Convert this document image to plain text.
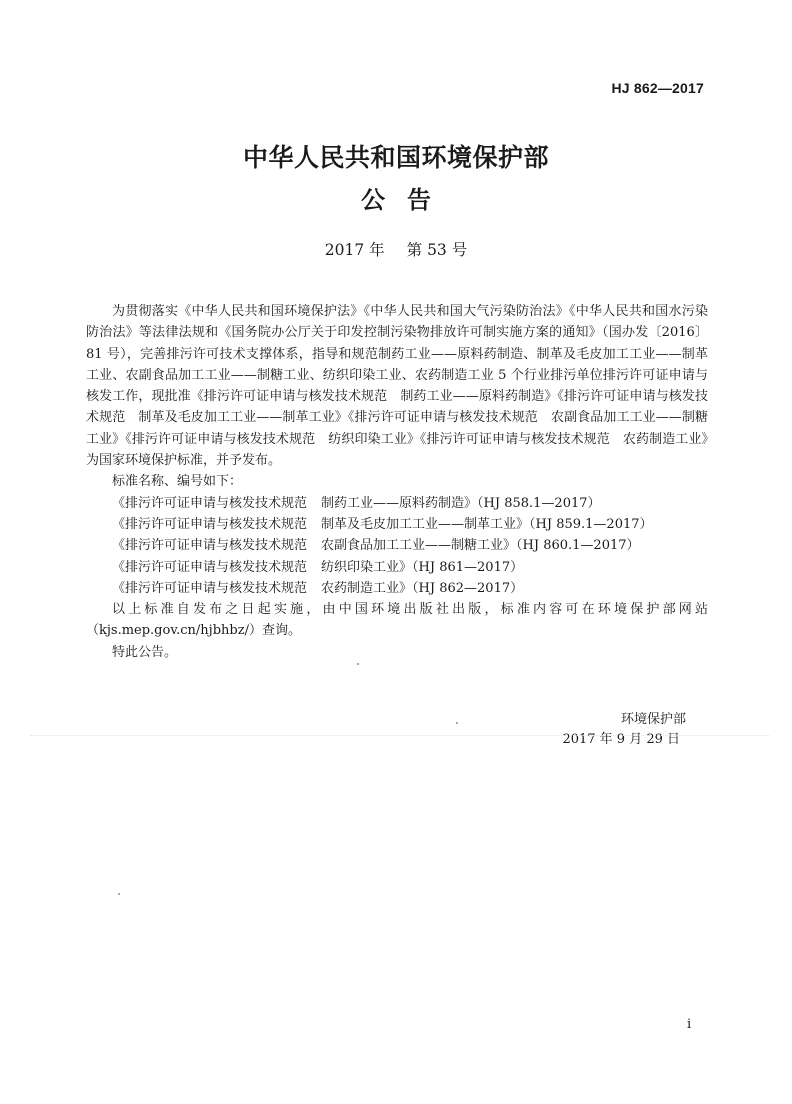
HJ 862—2017
中华人民共和国环境保护部
公告
2017 年 第 53 号

为贯彻落实《中华人民共和国环境保护法》《中华人民共和国大气污染防治法》《中华人民共和国水污染防治法》等法律法规和《国务院办公厅关于印发控制污染物排放许可制实施方案的通知》（国办发〔2016〕81 号），完善排污许可技术支撑体系，指导和规范制药工业——原料药制造、制革及毛皮加工工业——制革工业、农副食品加工工业——制糖工业、纺织印染工业、农药制造工业 5 个行业排污单位排污许可证申请与核发工作，现批准《排污许可证申请与核发技术规范　制药工业——原料药制造》《排污许可证申请与核发技术规范　制革及毛皮加工工业——制革工业》《排污许可证申请与核发技术规范　农副食品加工工业——制糖工业》《排污许可证申请与核发技术规范　纺织印染工业》《排污许可证申请与核发技术规范　农药制造工业》为国家环境保护标准，并予发布。

标准名称、编号如下：

《排污许可证申请与核发技术规范 制药工业——原料药制造》（HJ 858.1—2017）
《排污许可证申请与核发技术规范 制革及毛皮加工工业——制革工业》（HJ 859.1—2017）
《排污许可证申请与核发技术规范 农副食品加工工业——制糖工业》（HJ 860.1—2017）
《排污许可证申请与核发技术规范 纺织印染工业》（HJ 861—2017）
《排污许可证申请与核发技术规范 农药制造工业》（HJ 862—2017）

以上标准自发布之日起实施，由中国环境出版社出版，标准内容可在环境保护部网站（kjs.mep.gov.cn/hjbhbz/）查询。

特此公告。

环境保护部
2017 年 9 月 29 日
i
